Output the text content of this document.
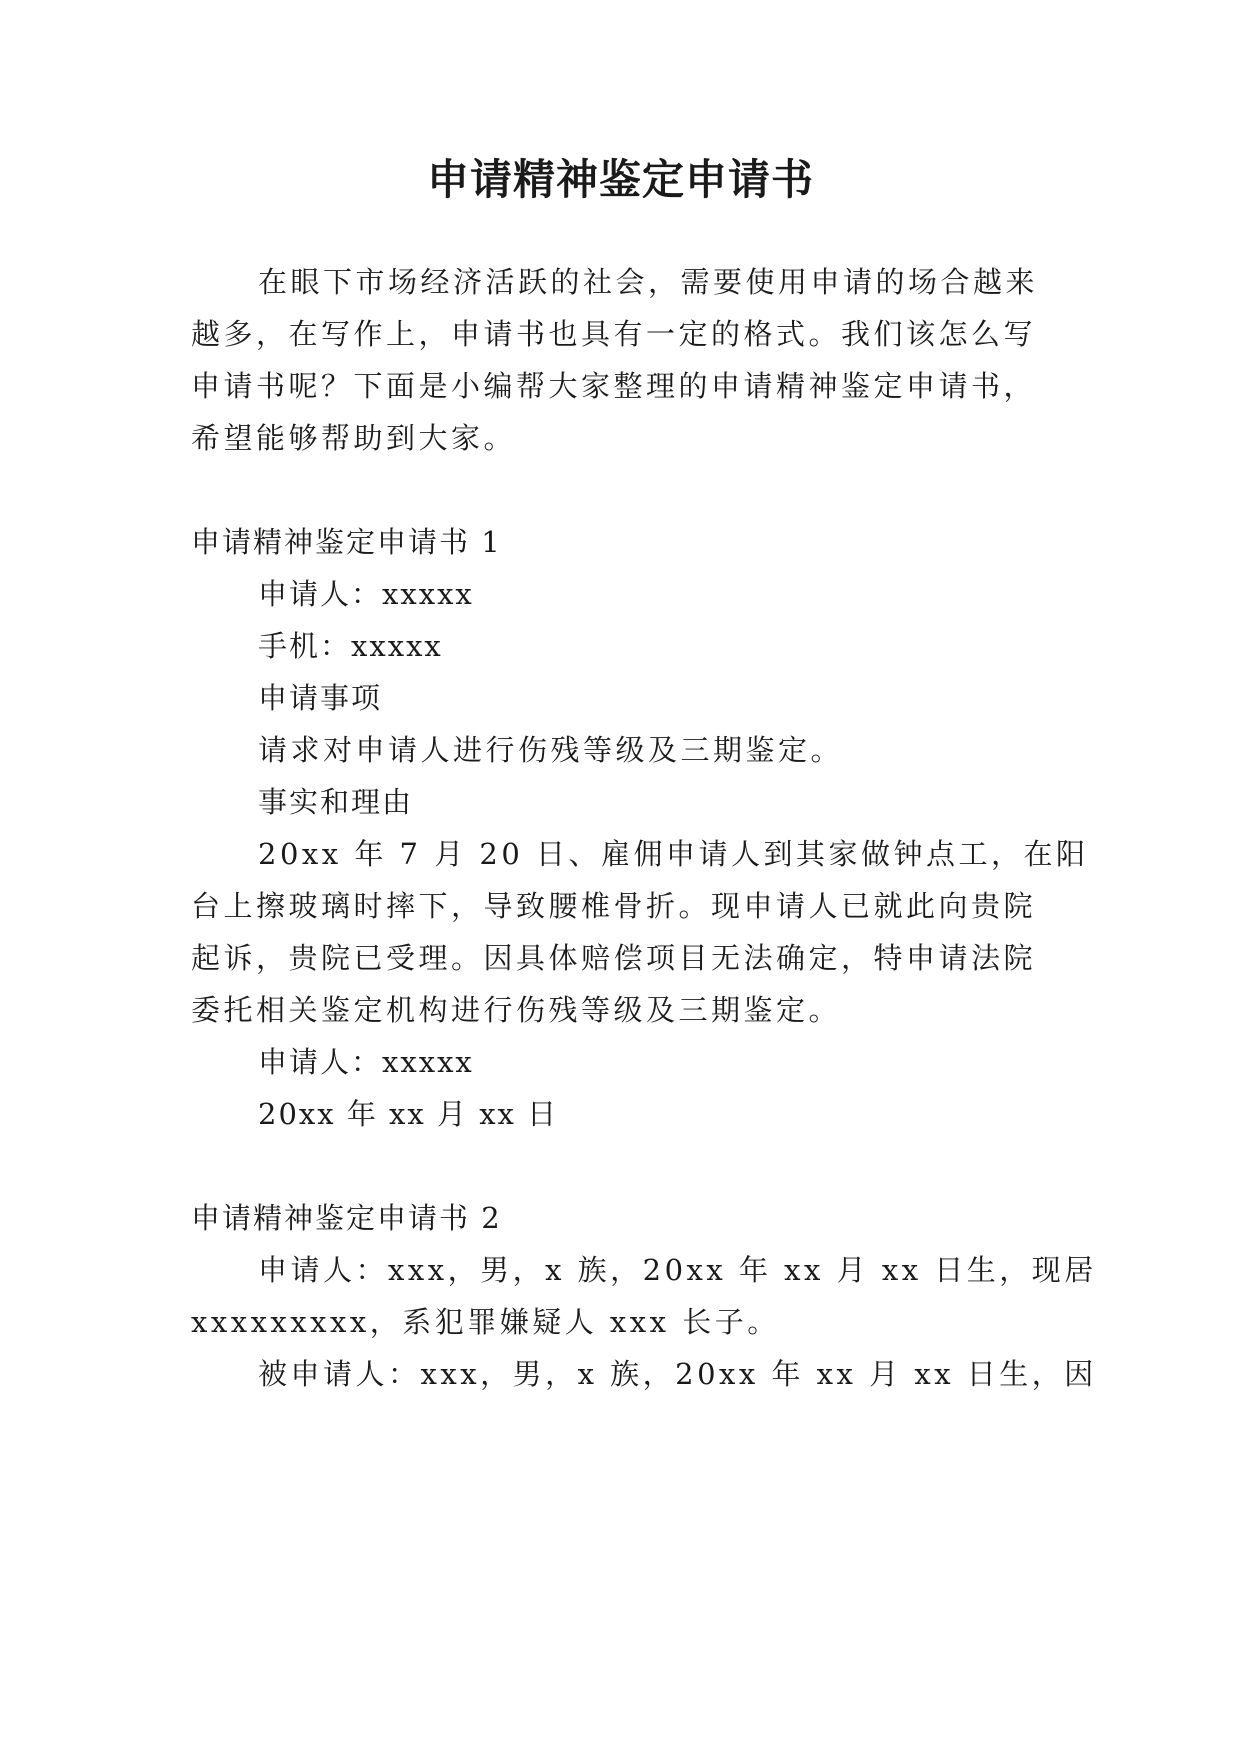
申请精神鉴定申请书
在眼下市场经济活跃的社会，需要使用申请的场合越来
越多，在写作上，申请书也具有一定的格式。我们该怎么写
申请书呢？下面是小编帮大家整理的申请精神鉴定申请书，
希望能够帮助到大家。
申请精神鉴定申请书 1
申请人：xxxxx
手机：xxxxx
申请事项
请求对申请人进行伤残等级及三期鉴定。
事实和理由
20xx 年 7 月 20 日、雇佣申请人到其家做钟点工，在阳
台上擦玻璃时摔下，导致腰椎骨折。现申请人已就此向贵院
起诉，贵院已受理。因具体赔偿项目无法确定，特申请法院
委托相关鉴定机构进行伤残等级及三期鉴定。
申请人：xxxxx
20xx 年 xx 月 xx 日
申请精神鉴定申请书 2
申请人：xxx，男，x 族，20xx 年 xx 月 xx 日生，现居
xxxxxxxxx，系犯罪嫌疑人 xxx 长子。
被申请人：xxx，男，x 族，20xx 年 xx 月 xx 日生，因
